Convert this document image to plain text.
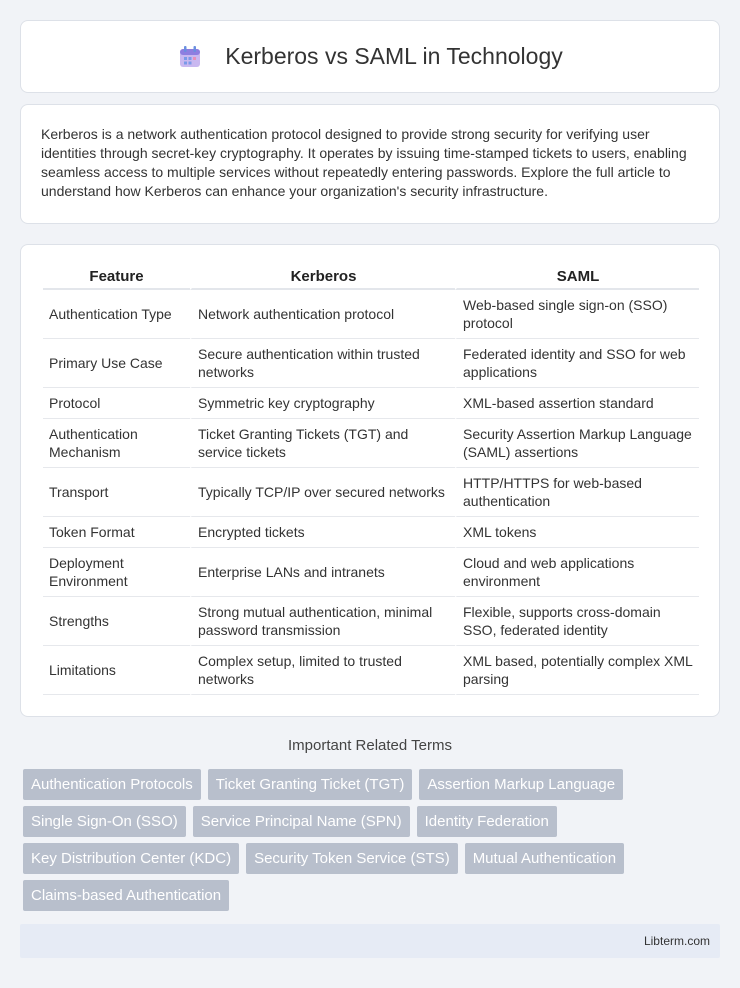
Kerberos vs SAML in Technology

Kerberos is a network authentication protocol designed to provide strong security for verifying user identities through secret-key cryptography. It operates by issuing time-stamped tickets to users, enabling seamless access to multiple services without repeatedly entering passwords. Explore the full article to understand how Kerberos can enhance your organization's security infrastructure.

Feature	Kerberos	SAML
Authentication Type	Network authentication protocol	Web-based single sign-on (SSO) protocol
Primary Use Case	Secure authentication within trusted networks	Federated identity and SSO for web applications
Protocol	Symmetric key cryptography	XML-based assertion standard
Authentication Mechanism	Ticket Granting Tickets (TGT) and service tickets	Security Assertion Markup Language (SAML) assertions
Transport	Typically TCP/IP over secured networks	HTTP/HTTPS for web-based authentication
Token Format	Encrypted tickets	XML tokens
Deployment Environment	Enterprise LANs and intranets	Cloud and web applications environment
Strengths	Strong mutual authentication, minimal password transmission	Flexible, supports cross-domain SSO, federated identity
Limitations	Complex setup, limited to trusted networks	XML based, potentially complex XML parsing
Important Related Terms
Authentication Protocols	Ticket Granting Ticket (TGT)	Assertion Markup Language
Single Sign-On (SSO)	Service Principal Name (SPN)	Identity Federation
Key Distribution Center (KDC)	Security Token Service (STS)	Mutual Authentication
Claims-based Authentication
Libterm.com
